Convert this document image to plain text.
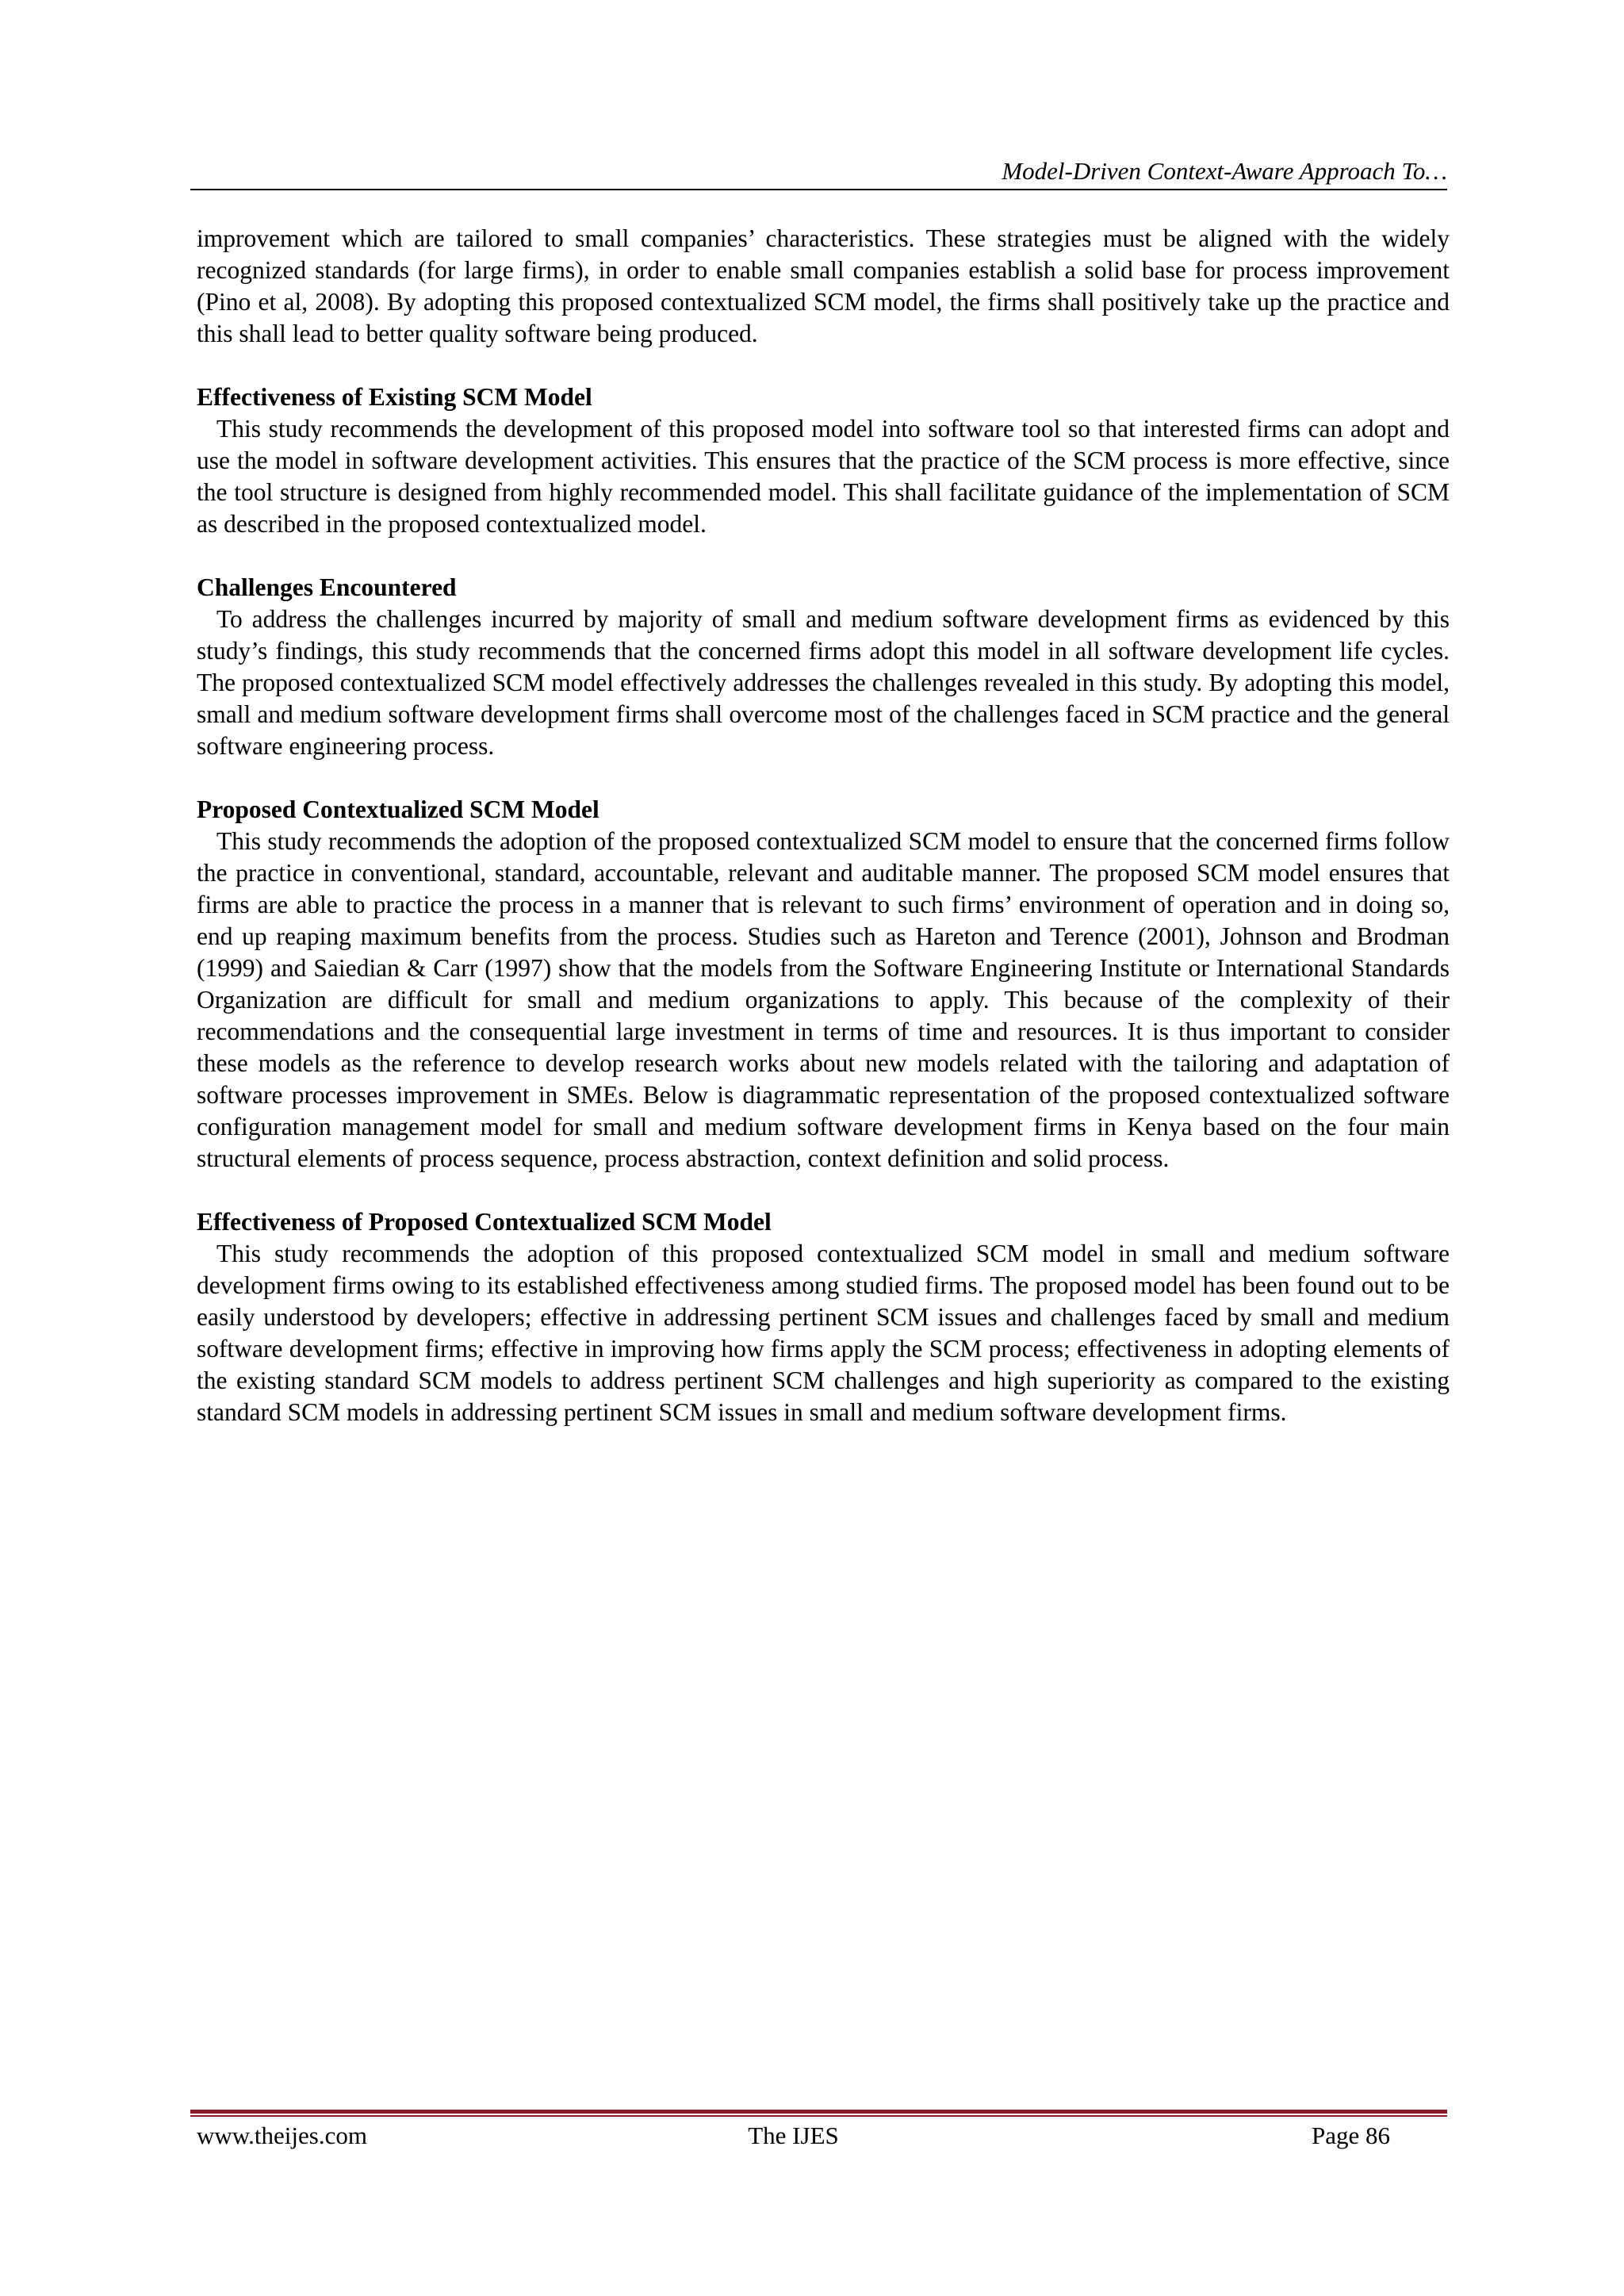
Model-Driven Context-Aware Approach To…

improvement which are tailored to small companies’ characteristics. These strategies must be aligned with the widely recognized standards (for large firms), in order to enable small companies establish a solid base for process improvement (Pino et al, 2008). By adopting this proposed contextualized SCM model, the firms shall positively take up the practice and this shall lead to better quality software being produced.

Effectiveness of Existing SCM Model

This study recommends the development of this proposed model into software tool so that interested firms can adopt and use the model in software development activities. This ensures that the practice of the SCM process is more effective, since the tool structure is designed from highly recommended model. This shall facilitate guidance of the implementation of SCM as described in the proposed contextualized model.

Challenges Encountered

To address the challenges incurred by majority of small and medium software development firms as evidenced by this study’s findings, this study recommends that the concerned firms adopt this model in all software development life cycles. The proposed contextualized SCM model effectively addresses the challenges revealed in this study. By adopting this model, small and medium software development firms shall overcome most of the challenges faced in SCM practice and the general software engineering process.

Proposed Contextualized SCM Model

This study recommends the adoption of the proposed contextualized SCM model to ensure that the concerned firms follow the practice in conventional, standard, accountable, relevant and auditable manner. The proposed SCM model ensures that firms are able to practice the process in a manner that is relevant to such firms’ environment of operation and in doing so, end up reaping maximum benefits from the process. Studies such as Hareton and Terence (2001), Johnson and Brodman (1999) and Saiedian & Carr (1997) show that the models from the Software Engineering Institute or International Standards Organization are difficult for small and medium organizations to apply. This because of the complexity of their recommendations and the consequential large investment in terms of time and resources. It is thus important to consider these models as the reference to develop research works about new models related with the tailoring and adaptation of software processes improvement in SMEs. Below is diagrammatic representation of the proposed contextualized software configuration management model for small and medium software development firms in Kenya based on the four main structural elements of process sequence, process abstraction, context definition and solid process.

Effectiveness of Proposed Contextualized SCM Model

This study recommends the adoption of this proposed contextualized SCM model in small and medium software development firms owing to its established effectiveness among studied firms. The proposed model has been found out to be easily understood by developers; effective in addressing pertinent SCM issues and challenges faced by small and medium software development firms; effective in improving how firms apply the SCM process; effectiveness in adopting elements of the existing standard SCM models to address pertinent SCM challenges and high superiority as compared to the existing standard SCM models in addressing pertinent SCM issues in small and medium software development firms.

www.theijes.com	The IJES	Page 86
